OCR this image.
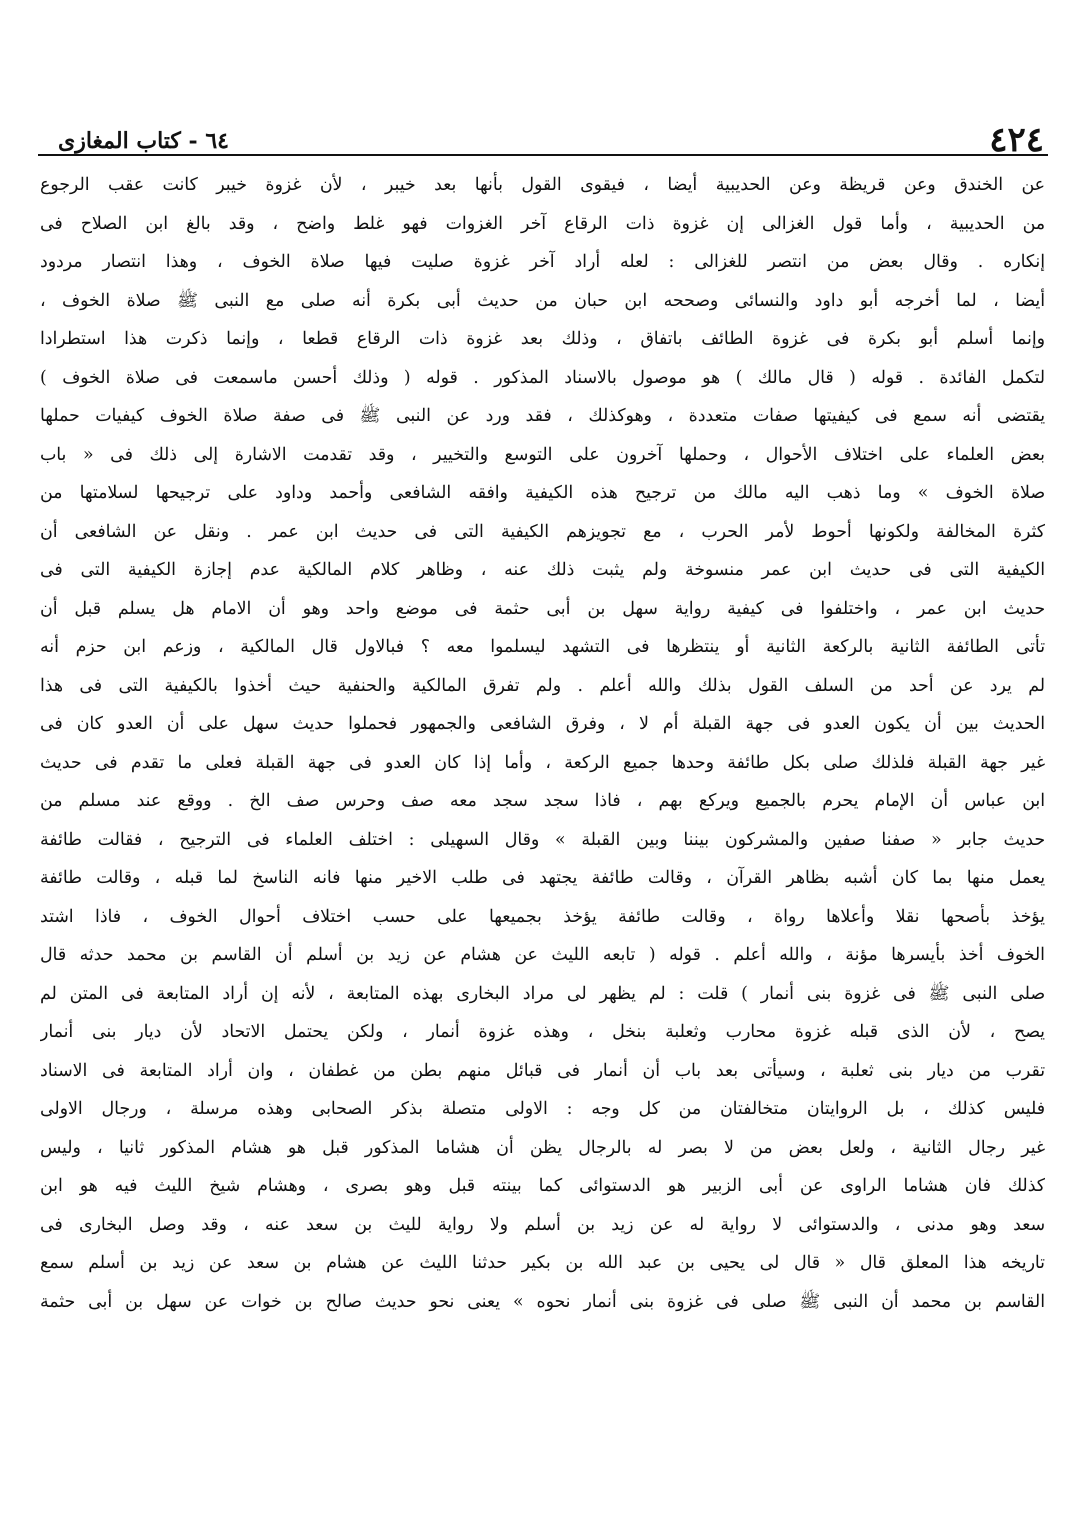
٤٢٤
٦٤ - كتاب المغازى
عن الخندق وعن قريظة وعن الحديبية أيضا ، فيقوى القول بأنها بعد خيبر ، لأن غزوة خيبر كانت عقب الرجوع
من الحديبية ، وأما قول الغزالى إن غزوة ذات الرقاع آخر الغزوات فهو غلط واضح ، وقد بالغ ابن الصلاح فى
إنكاره . وقال بعض من انتصر للغزالى : لعله أراد آخر غزوة صليت فيها صلاة الخوف ، وهذا انتصار مردود
أيضا ، لما أخرجه أبو داود والنسائى وصححه ابن حبان من حديث أبى بكرة أنه صلى مع النبى ﷺ صلاة الخوف ،
وإنما أسلم أبو بكرة فى غزوة الطائف باتفاق ، وذلك بعد غزوة ذات الرقاع قطعا ، وإنما ذكرت هذا استطرادا
لتكمل الفائدة . قوله ( قال مالك ) هو موصول بالاسناد المذكور . قوله ( وذلك أحسن ماسمعت فى صلاة الخوف )
يقتضى أنه سمع فى كيفيتها صفات متعددة ، وهوكذلك ، فقد ورد عن النبى ﷺ فى صفة صلاة الخوف كيفيات حملها
بعض العلماء على اختلاف الأحوال ، وحملها آخرون على التوسع والتخيير ، وقد تقدمت الاشارة إلى ذلك فى « باب
صلاة الخوف » وما ذهب اليه مالك من ترجيح هذه الكيفية وافقه الشافعى وأحمد وداود على ترجيحها لسلامتها من
كثرة المخالفة ولكونها أحوط لأمر الحرب ، مع تجويزهم الكيفية التى فى حديث ابن عمر . ونقل عن الشافعى أن
الكيفية التى فى حديث ابن عمر منسوخة ولم يثبت ذلك عنه ، وظاهر كلام المالكية عدم إجازة الكيفية التى فى
حديث ابن عمر ، واختلفوا فى كيفية رواية سهل بن أبى حثمة فى موضع واحد وهو أن الامام هل يسلم قبل أن
تأتى الطائفة الثانية بالركعة الثانية أو ينتظرها فى التشهد ليسلموا معه ؟ فبالاول قال المالكية ، وزعم ابن حزم أنه
لم يرد عن أحد من السلف القول بذلك والله أعلم . ولم تفرق المالكية والحنفية حيث أخذوا بالكيفية التى فى هذا
الحديث بين أن يكون العدو فى جهة القبلة أم لا ، وفرق الشافعى والجمهور فحملوا حديث سهل على أن العدو كان فى
غير جهة القبلة فلذلك صلى بكل طائفة وحدها جميع الركعة ، وأما إذا كان العدو فى جهة القبلة فعلى ما تقدم فى حديث
ابن عباس أن الإمام يحرم بالجميع ويركع بهم ، فاذا سجد سجد معه صف وحرس صف الخ . ووقع عند مسلم من
حديث جابر « صفنا صفين والمشركون بيننا وبين القبلة » وقال السهيلى : اختلف العلماء فى الترجيح ، فقالت طائفة
يعمل منها بما كان أشبه بظاهر القرآن ، وقالت طائفة يجتهد فى طلب الاخير منها فانه الناسخ لما قبله ، وقالت طائفة
يؤخذ بأصحها نقلا وأعلاها رواة ، وقالت طائفة يؤخذ بجميعها على حسب اختلاف أحوال الخوف ، فاذا اشتد
الخوف أخذ بأيسرها مؤنة ، والله أعلم . قوله ( تابعه الليث عن هشام عن زيد بن أسلم أن القاسم بن محمد حدثه قال
صلى النبى ﷺ فى غزوة بنى أنمار ) قلت : لم يظهر لى مراد البخارى بهذه المتابعة ، لأنه إن أراد المتابعة فى المتن لم
يصح ، لأن الذى قبله غزوة محارب وثعلبة بنخل ، وهذه غزوة أنمار ، ولكن يحتمل الاتحاد لأن ديار بنى أنمار
تقرب من ديار بنى ثعلبة ، وسيأتى بعد باب أن أنمار فى قبائل منهم بطن من غطفان ، وان أراد المتابعة فى الاسناد
فليس كذلك ، بل الروايتان متخالفتان من كل وجه : الاولى متصلة بذكر الصحابى وهذه مرسلة ، ورجال الاولى
غير رجال الثانية ، ولعل بعض من لا بصر له بالرجال يظن أن هشاما المذكور قبل هو هشام المذكور ثانيا ، وليس
كذلك فان هشاما الراوى عن أبى الزبير هو الدستوائى كما بينته قبل وهو بصرى ، وهشام شيخ الليث فيه هو ابن
سعد وهو مدنى ، والدستوائى لا رواية له عن زيد بن أسلم ولا رواية لليث بن سعد عنه ، وقد وصل البخارى فى
تاريخه هذا المعلق قال « قال لى يحيى بن عبد الله بن بكير حدثنا الليث عن هشام بن سعد عن زيد بن أسلم سمع
القاسم بن محمد أن النبى ﷺ صلى فى غزوة بنى أنمار نحوه » يعنى نحو حديث صالح بن خوات عن سهل بن أبى حثمة
